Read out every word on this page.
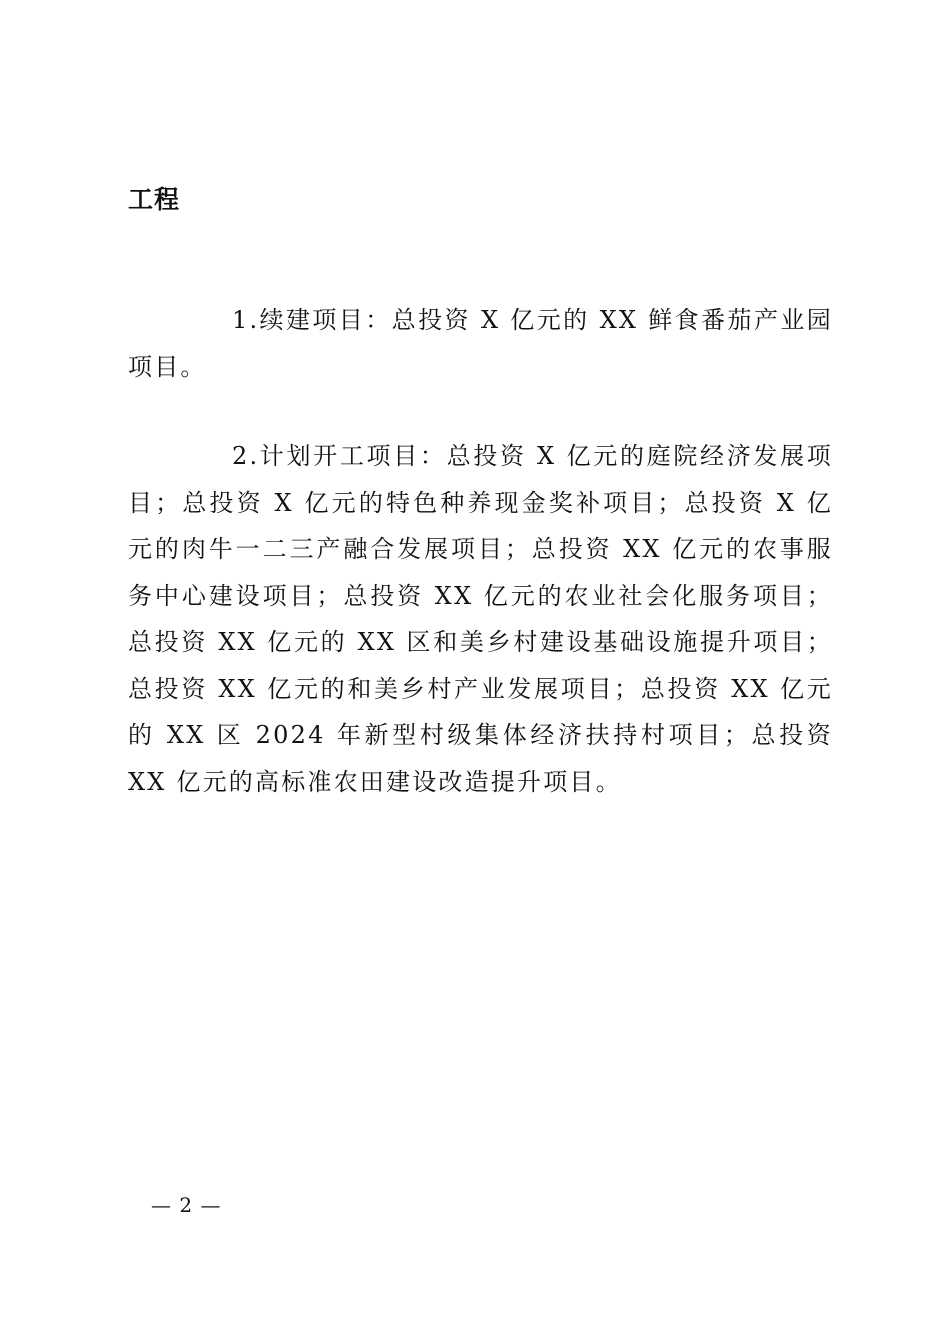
工程

1.续建项目：总投资 X 亿元的 XX 鲜食番茄产业园项目。

2.计划开工项目：总投资 X 亿元的庭院经济发展项目；总投资 X 亿元的特色种养现金奖补项目；总投资 X 亿元的肉牛一二三产融合发展项目；总投资 XX 亿元的农事服务中心建设项目；总投资 XX 亿元的农业社会化服务项目；总投资 XX 亿元的 XX 区和美乡村建设基础设施提升项目；总投资 XX 亿元的和美乡村产业发展项目；总投资 XX 亿元的 XX 区 2024 年新型村级集体经济扶持村项目；总投资 XX 亿元的高标准农田建设改造提升项目。

— 2 —
